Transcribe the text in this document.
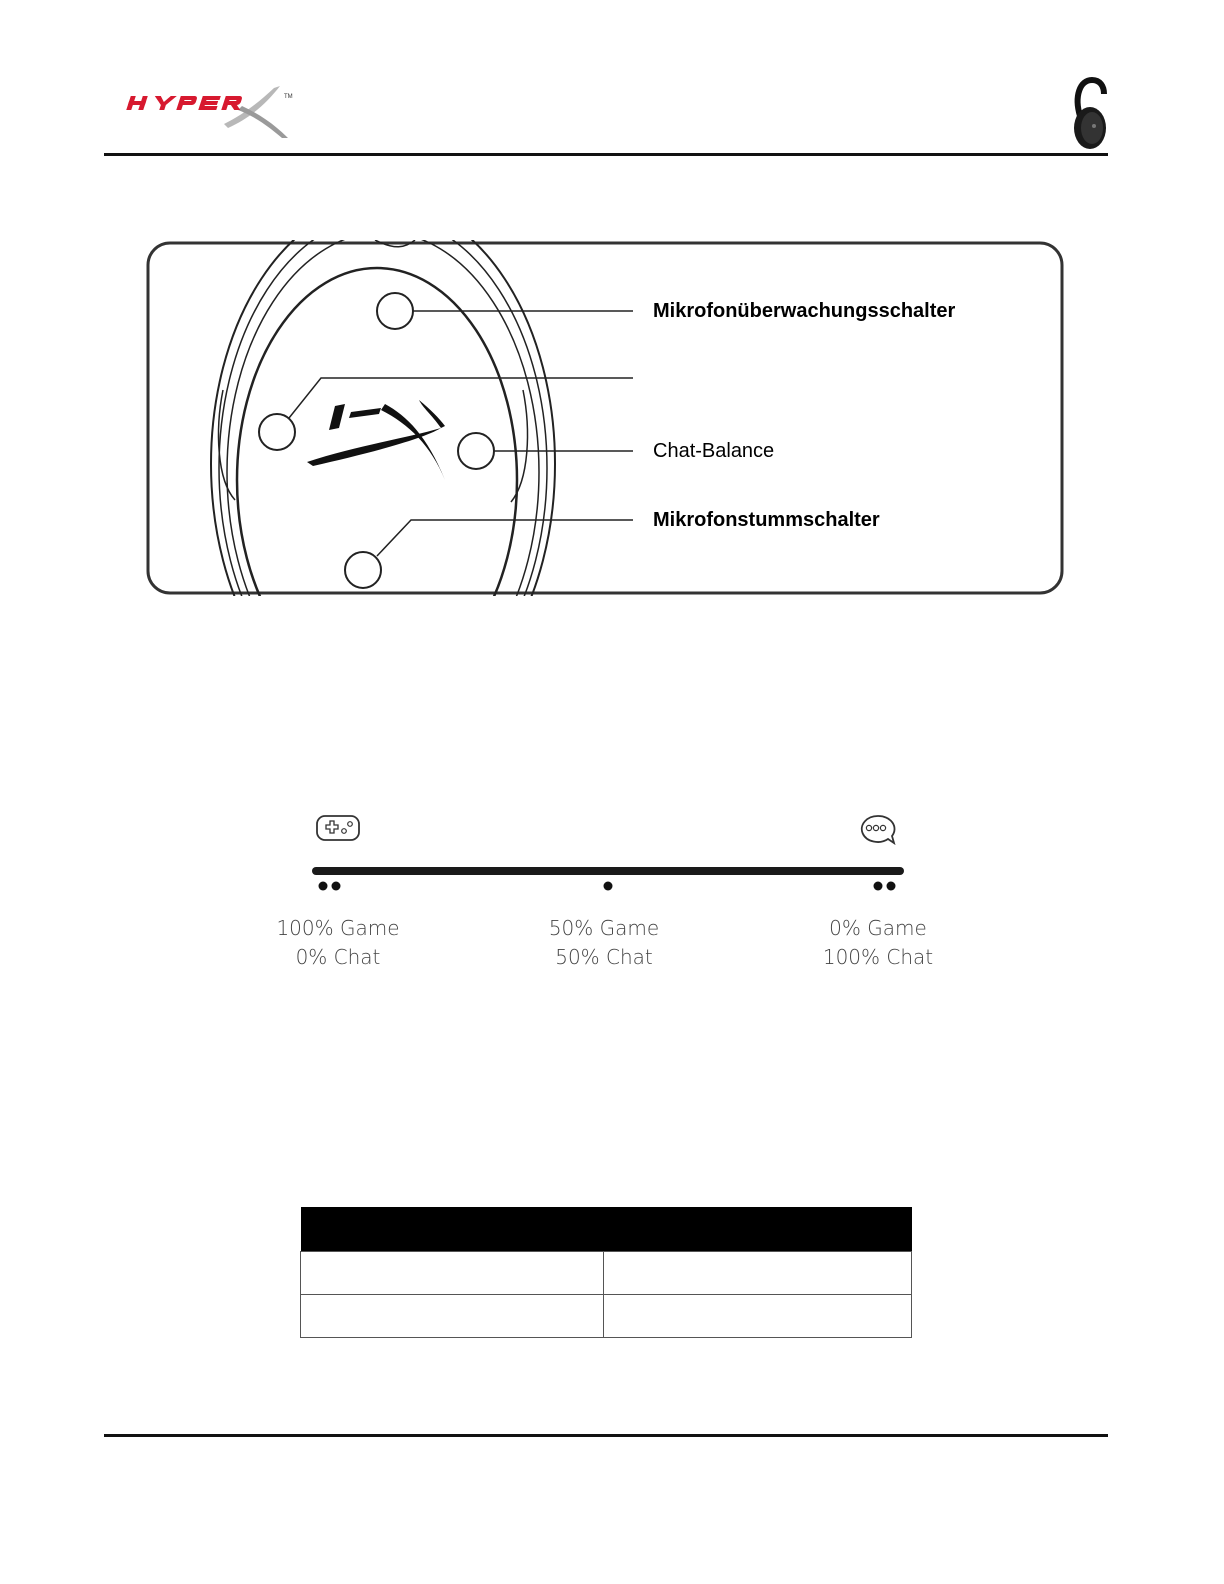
TM
Mikrofonüberwachungsschalter
Chat-Balance
Mikrofonstummschalter
100% Game
0% Chat
50% Game
50% Chat
0% Game
100% Chat
